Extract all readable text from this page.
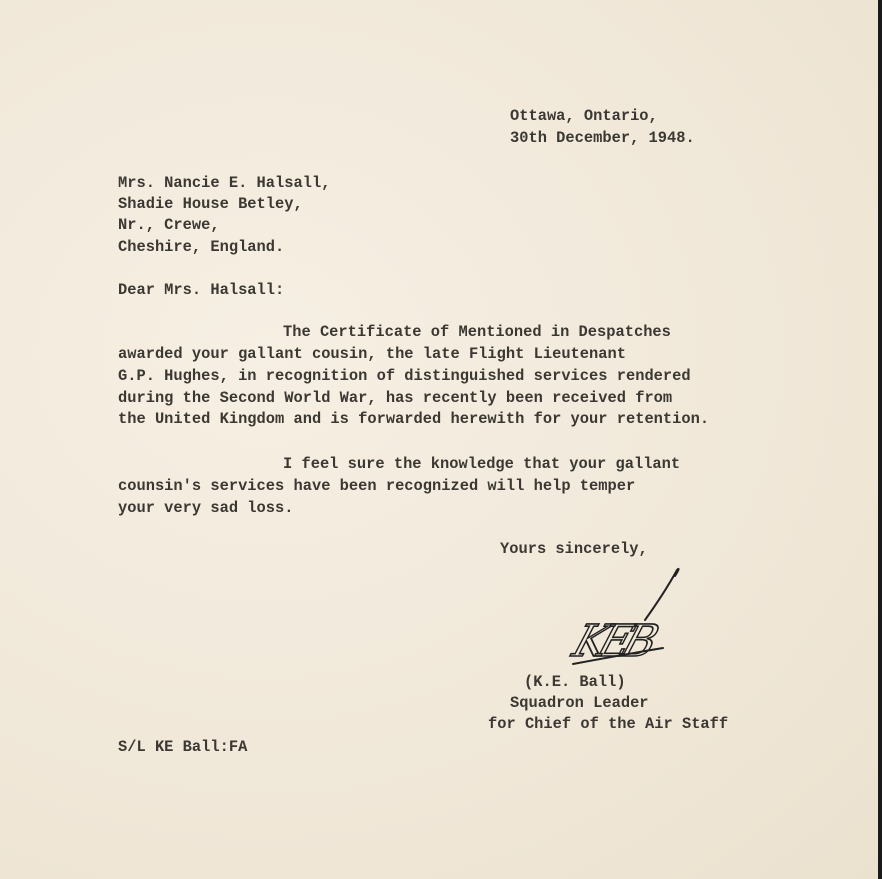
Ottawa, Ontario,
30th December, 1948.
Mrs. Nancie E. Halsall,
Shadie House Betley,
Nr., Crewe,
Cheshire, England.
Dear Mrs. Halsall:
The Certificate of Mentioned in Despatches
awarded your gallant cousin, the late Flight Lieutenant
G.P. Hughes, in recognition of distinguished services rendered
during the Second World War, has recently been received from
the United Kingdom and is forwarded herewith for your retention.
I feel sure the knowledge that your gallant
counsin's services have been recognized will help temper
your very sad loss.
Yours sincerely,
KEB
(K.E. Ball)
Squadron Leader
for Chief of the Air Staff
S/L KE Ball:FA
